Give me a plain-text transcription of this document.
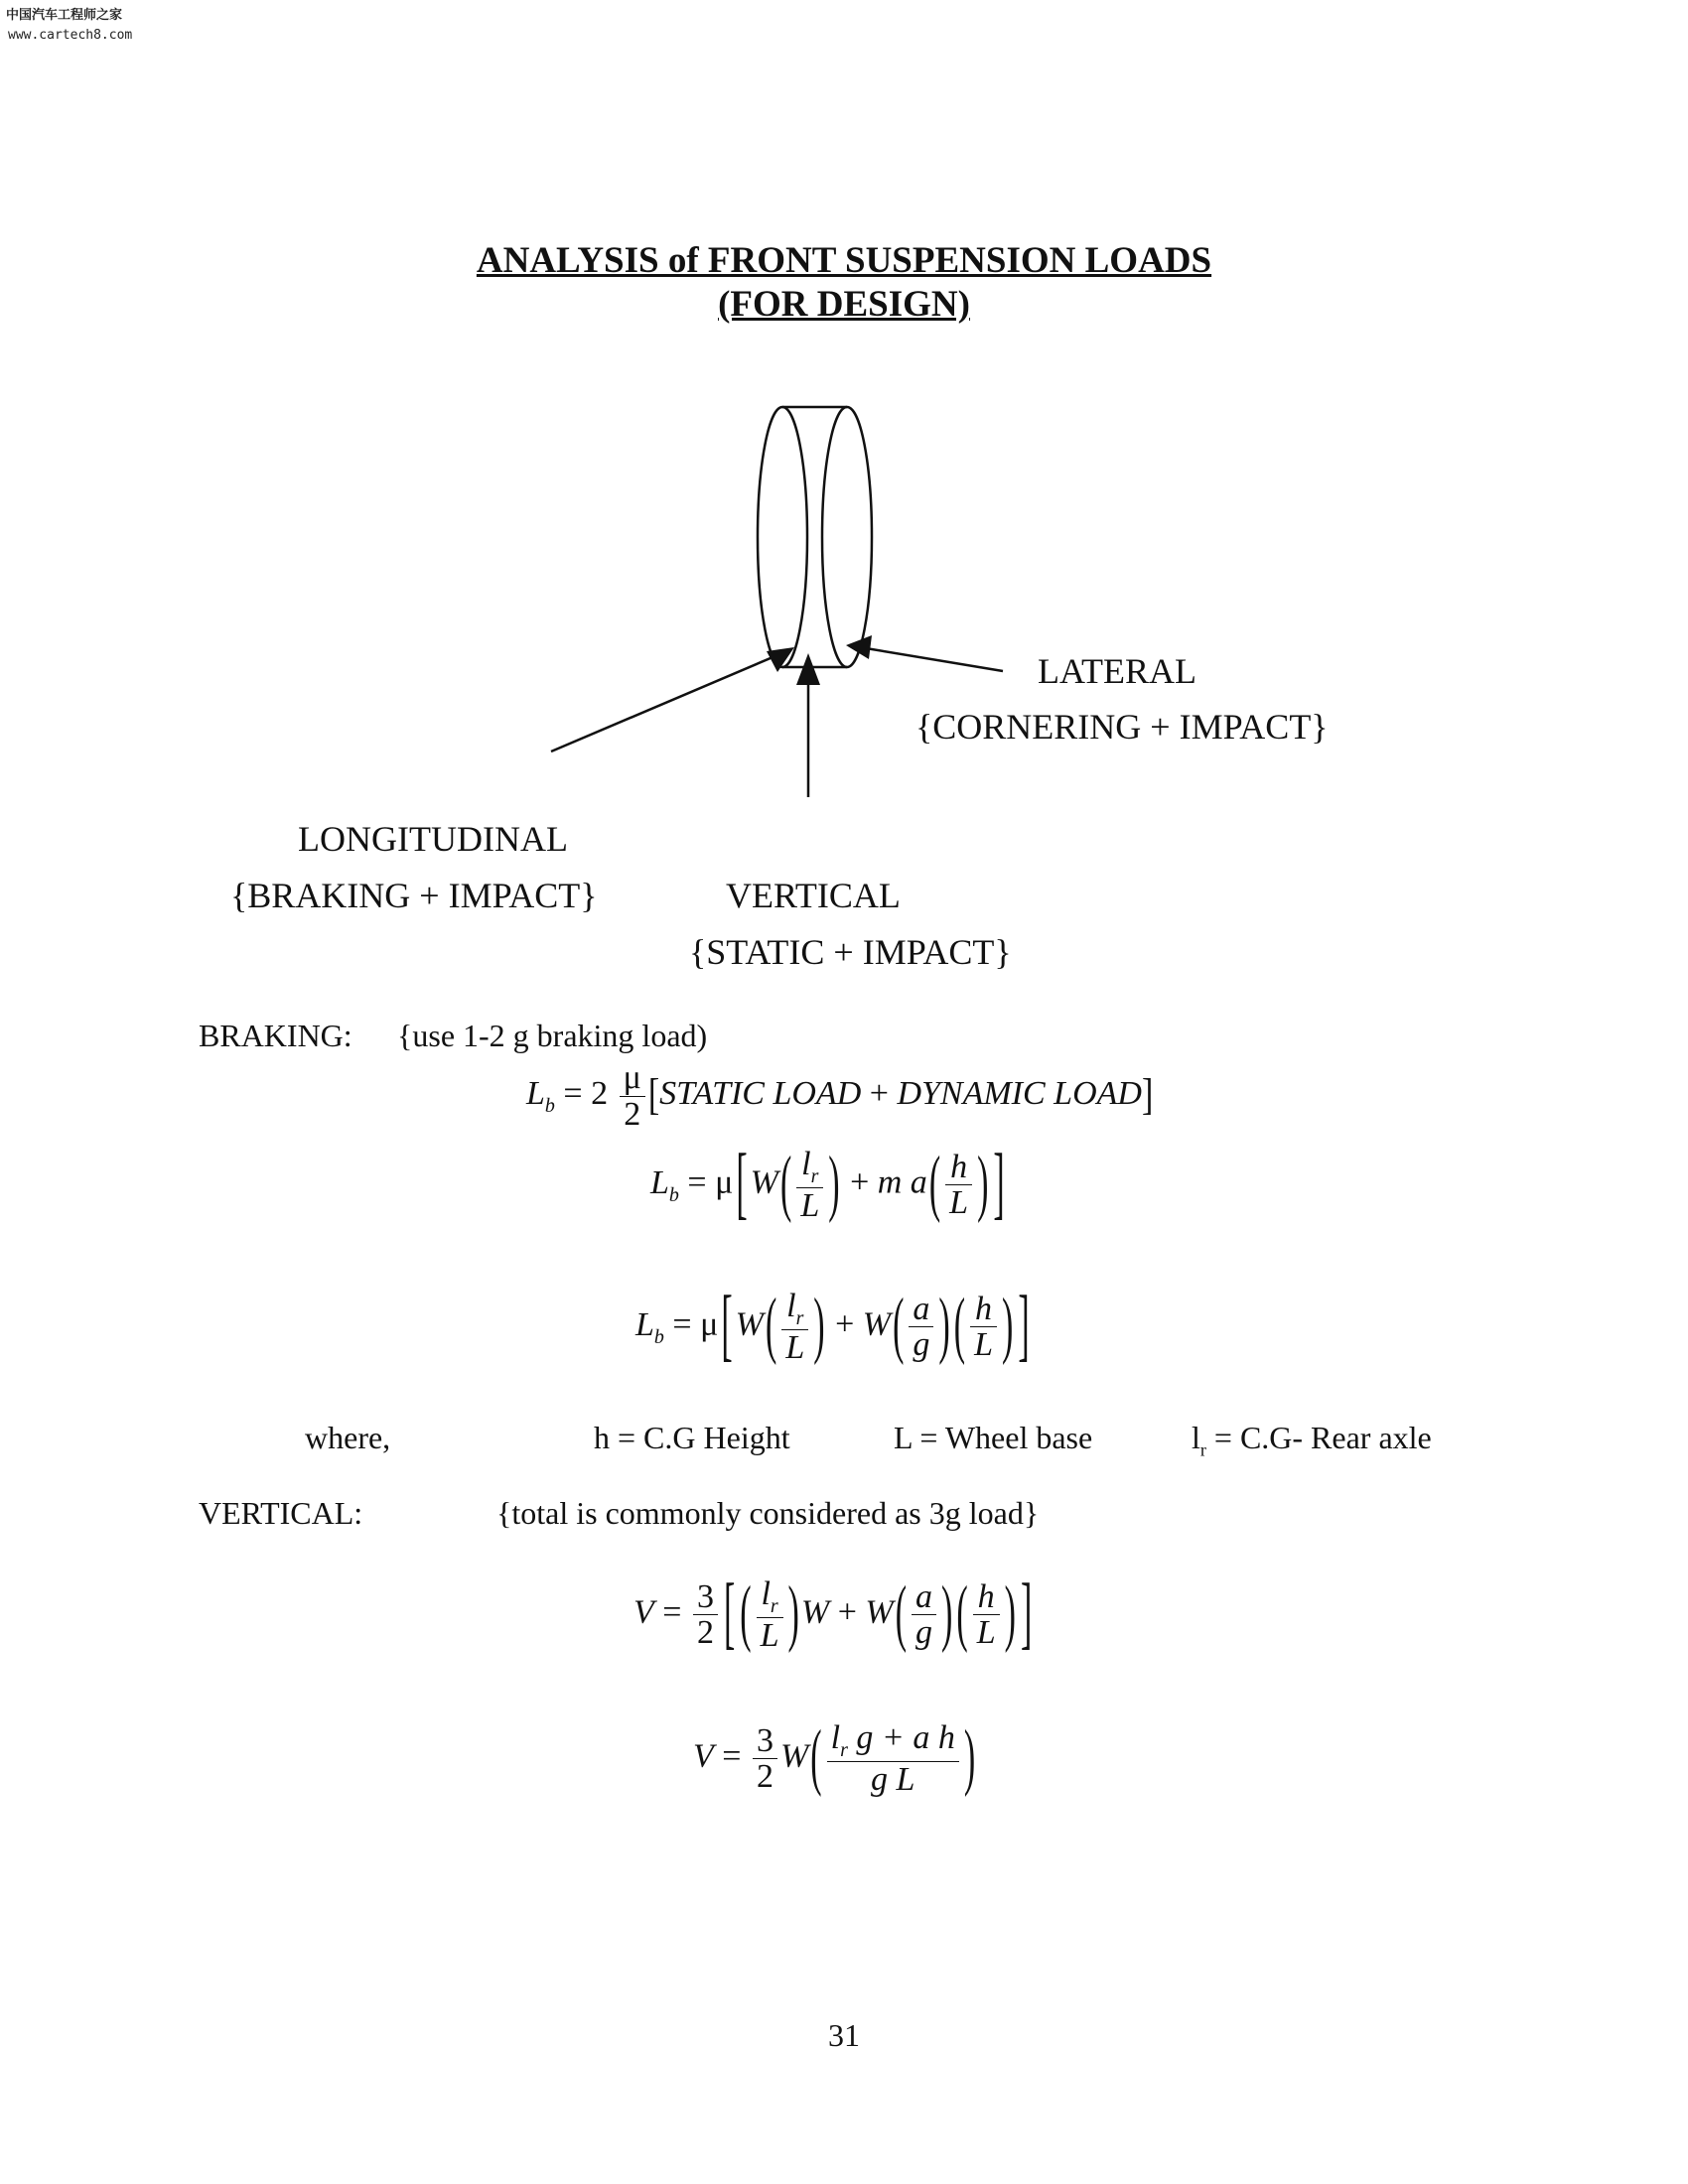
中国汽车工程师之家
www.cartech8.com
ANALYSIS of FRONT SUSPENSION LOADS
(FOR DESIGN)
LATERAL
{CORNERING + IMPACT}
LONGITUDINAL
{BRAKING + IMPACT}	VERTICAL
{STATIC + IMPACT}
BRAKING: {use 1-2 g braking load)
$L_b = 2 \frac{\mu}{2}$ [STATIC LOAD + DYNAMIC LOAD]
$L_b = \mu[W( \frac{l_r}{L}$ ) + m $a( \frac{h}{L}$ ) ]
$L_b = \mu[W( \frac{l_r}{L}$ ) + $W( \frac{a}{g}$ ) ( $\frac{h}{L}$ ) ]
where,	h = C.G Height	L = Wheel base	$l_r = C.G-$ Rear axle
VERTICAL:	{total is commonly considered as 3g load}
$V = \frac{3}{2}$ [ ( $\frac{l_r}{L} )W + W( \frac{a}{g}$ ) ( $\frac{h}{L}$ ) ]
$V = \frac{3}{2} W( \frac{l_r g + a h}{\text{g L}}$ )
31
